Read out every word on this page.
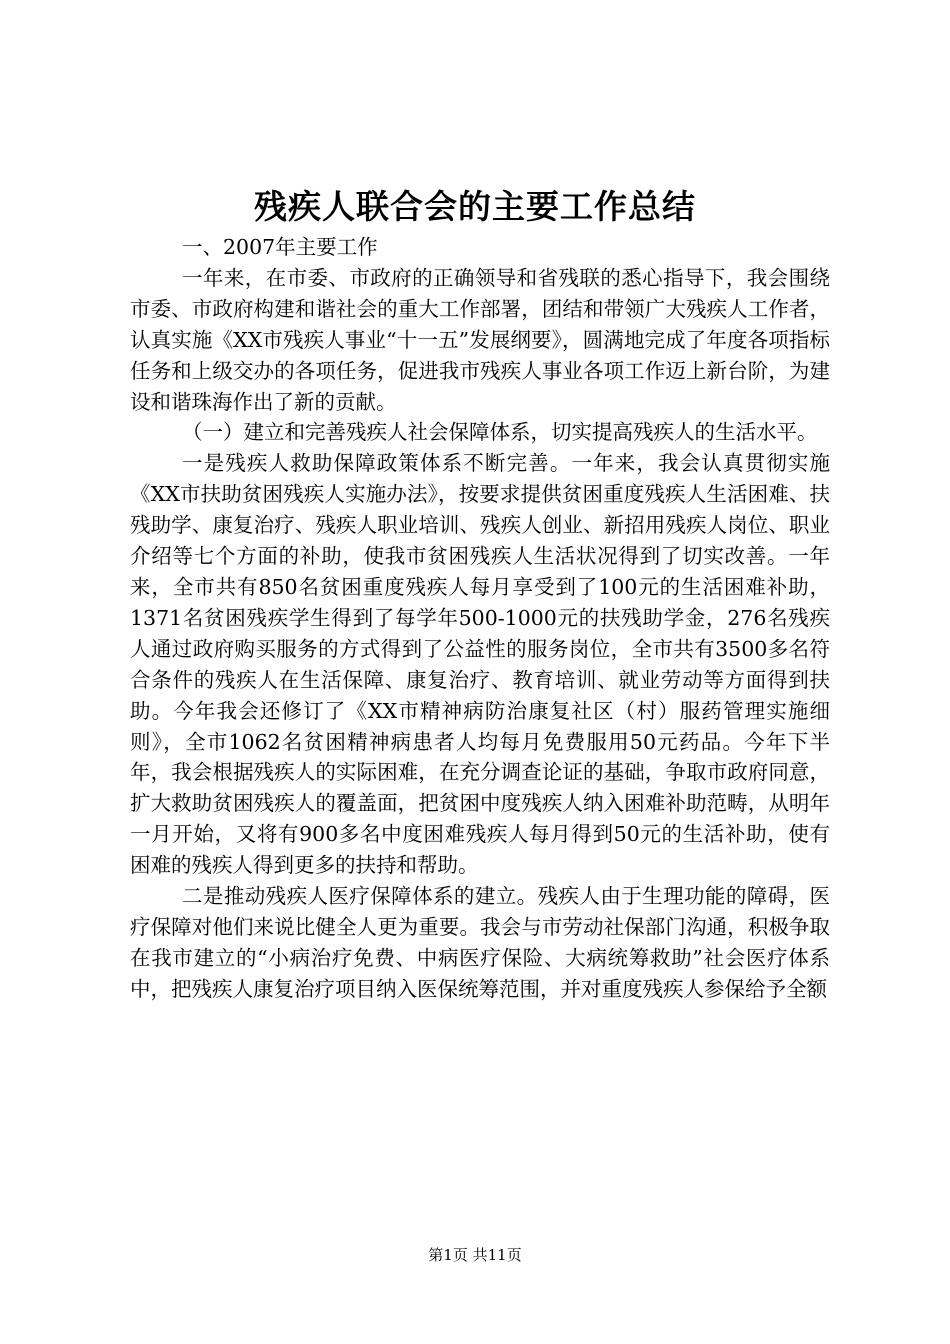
残疾人联合会的主要工作总结

一、2007年主要工作

一年来，在市委、市政府的正确领导和省残联的悉心指导下，我会围绕市委、市政府构建和谐社会的重大工作部署，团结和带领广大残疾人工作者，认真实施《XX市残疾人事业“十一五”发展纲要》，圆满地完成了年度各项指标任务和上级交办的各项任务，促进我市残疾人事业各项工作迈上新台阶，为建设和谐珠海作出了新的贡献。

（一）建立和完善残疾人社会保障体系，切实提高残疾人的生活水平。

一是残疾人救助保障政策体系不断完善。一年来，我会认真贯彻实施《XX市扶助贫困残疾人实施办法》，按要求提供贫困重度残疾人生活困难、扶残助学、康复治疗、残疾人职业培训、残疾人创业、新招用残疾人岗位、职业介绍等七个方面的补助，使我市贫困残疾人生活状况得到了切实改善。一年来，全市共有850名贫困重度残疾人每月享受到了100元的生活困难补助，1371名贫困残疾学生得到了每学年500-1000元的扶残助学金，276名残疾人通过政府购买服务的方式得到了公益性的服务岗位，全市共有3500多名符合条件的残疾人在生活保障、康复治疗、教育培训、就业劳动等方面得到扶助。今年我会还修订了《XX市精神病防治康复社区（村）服药管理实施细则》，全市1062名贫困精神病患者人均每月免费服用50元药品。今年下半年，我会根据残疾人的实际困难，在充分调查论证的基础，争取市政府同意，扩大救助贫困残疾人的覆盖面，把贫困中度残疾人纳入困难补助范畴，从明年一月开始，又将有900多名中度困难残疾人每月得到50元的生活补助，使有困难的残疾人得到更多的扶持和帮助。

二是推动残疾人医疗保障体系的建立。残疾人由于生理功能的障碍，医疗保障对他们来说比健全人更为重要。我会与市劳动社保部门沟通，积极争取在我市建立的“小病治疗免费、中病医疗保险、大病统筹救助”社会医疗体系中，把残疾人康复治疗项目纳入医保统筹范围，并对重度残疾人参保给予全额

第1页 共11页
